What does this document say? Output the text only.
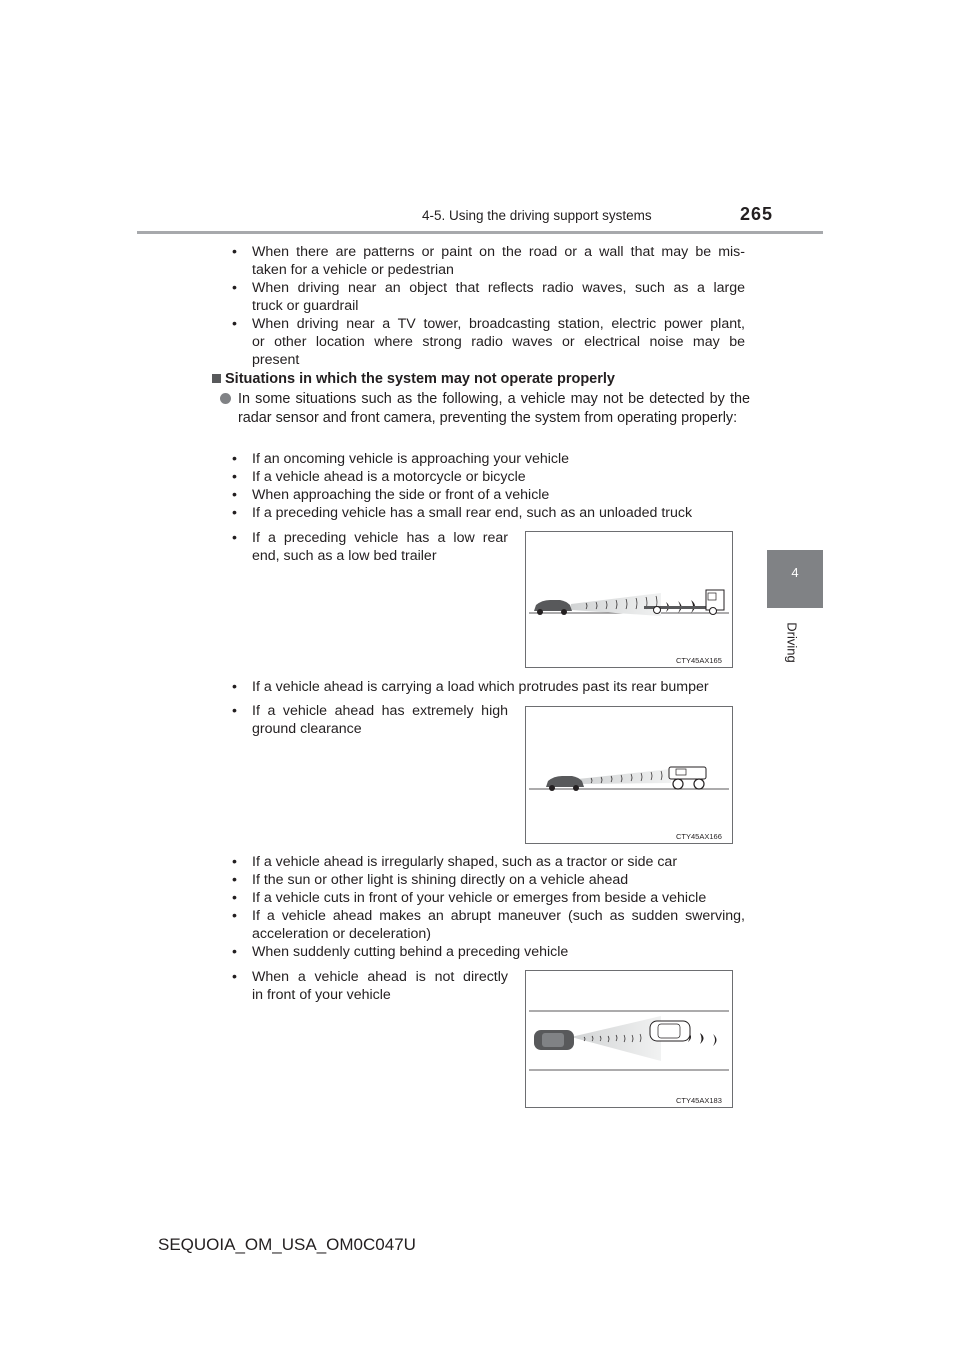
4-5. Using the driving support systems	265
4
Driving
• When there are patterns or paint on the road or a wall that may be mis-
taken for a vehicle or pedestrian
• When driving near an object that reflects radio waves, such as a large
truck or guardrail
• When driving near a TV tower, broadcasting station, electric power plant,
or other location where strong radio waves or electrical noise may be
present
Situations in which the system may not operate properly
In some situations such as the following, a vehicle may not be detected by the radar sensor and front camera, preventing the system from operating properly:
• If an oncoming vehicle is approaching your vehicle
• If a vehicle ahead is a motorcycle or bicycle
• When approaching the side or front of a vehicle
• If a preceding vehicle has a small rear end, such as an unloaded truck
• If a preceding vehicle has a low rear
end, such as a low bed trailer
CTY45AX165
• If a vehicle ahead is carrying a load which protrudes past its rear bumper
• If a vehicle ahead has extremely high
ground clearance
CTY45AX166
• If a vehicle ahead is irregularly shaped, such as a tractor or side car
• If the sun or other light is shining directly on a vehicle ahead
• If a vehicle cuts in front of your vehicle or emerges from beside a vehicle
• If a vehicle ahead makes an abrupt maneuver (such as sudden swerving,
acceleration or deceleration)
• When suddenly cutting behind a preceding vehicle
• When a vehicle ahead is not directly
in front of your vehicle
CTY45AX183
SEQUOIA_OM_USA_OM0C047U
